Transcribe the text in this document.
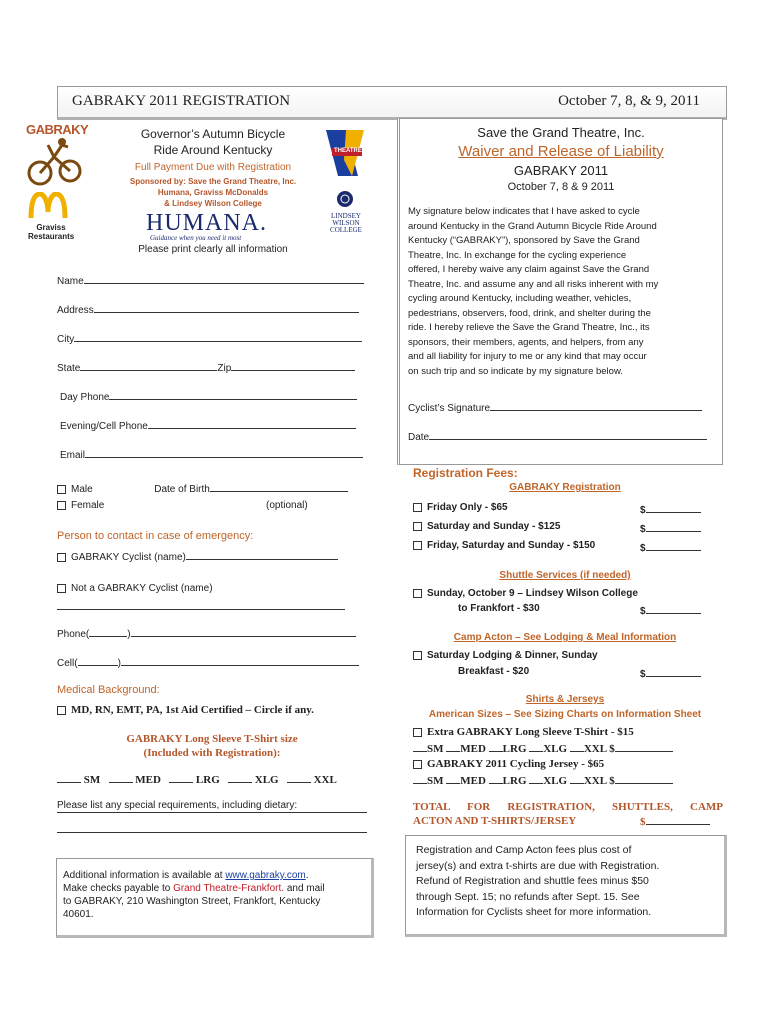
GABRAKY 2011 REGISTRATION	October 7, 8, & 9, 2011
GABRAKY
Graviss
Restaurants
Governor’s Autumn Bicycle
Ride Around Kentucky
Full Payment Due with Registration
Sponsored by: Save the Grand Theatre, Inc.
Humana, Graviss McDonalds
& Lindsey Wilson College
HUMANA.
Guidance when you need it most
Please print clearly all information
THEATRE
LINDSEY
WILSON
COLLEGE
Name
Address
City
State	Zip
Day Phone
Evening/Cell Phone
Email
Male	Date of Birth
Female	(optional)
Person to contact in case of emergency:
GABRAKY Cyclist (name)
Not a GABRAKY Cyclist (name)
Phone(	)
Cell(	)
Medical Background:
MD, RN, EMT, PA, 1st Aid Certified – Circle if any.
GABRAKY Long Sleeve T-Shirt size
(Included with Registration):
SM	MED	LRG	XLG	XXL
Please list any special requirements, including dietary:
Additional information is available at www.gabraky.com.
Make checks payable to Grand Theatre-Frankfort. and mail
to GABRAKY, 210 Washington Street, Frankfort, Kentucky
40601.
Save the Grand Theatre, Inc.
Waiver and Release of Liability
GABRAKY 2011
October 7, 8 & 9 2011
My signature below indicates that I have asked to cycle
around Kentucky in the Grand Autumn Bicycle Ride Around
Kentucky (“GABRAKY”), sponsored by Save the Grand
Theatre, Inc. In exchange for the cycling experience
offered, I hereby waive any claim against Save the Grand
Theatre, Inc. and assume any and all risks inherent with my
cycling around Kentucky, including weather, vehicles,
pedestrians, observers, food, drink, and shelter during the
ride. I hereby relieve the Save the Grand Theatre, Inc., its
sponsors, their members, agents, and helpers, from any
and all liability for injury to me or any kind that may occur
on such trip and so indicate by my signature below.
Cyclist’s Signature
Date
Registration Fees:
GABRAKY Registration
Friday Only - $65	$
Saturday and Sunday - $125	$
Friday, Saturday and Sunday - $150	$
Shuttle Services (if needed)
Sunday, October 9 – Lindsey Wilson College
to Frankfort - $30	$
Camp Acton – See Lodging & Meal Information
Saturday Lodging & Dinner, Sunday
Breakfast - $20	$
Shirts & Jerseys
American Sizes – See Sizing Charts on Information Sheet
Extra GABRAKY Long Sleeve T-Shirt - $15
SM MED LRG XLG XXL $
GABRAKY 2011 Cycling Jersey - $65
SM MED LRG XLG XXL $
TOTAL FOR REGISTRATION, SHUTTLES, CAMP
ACTON AND T-SHIRTS/JERSEY	$
Registration and Camp Acton fees plus cost of
jersey(s) and extra t-shirts are due with Registration.
Refund of Registration and shuttle fees minus $50
through Sept. 15; no refunds after Sept. 15. See
Information for Cyclists sheet for more information.
